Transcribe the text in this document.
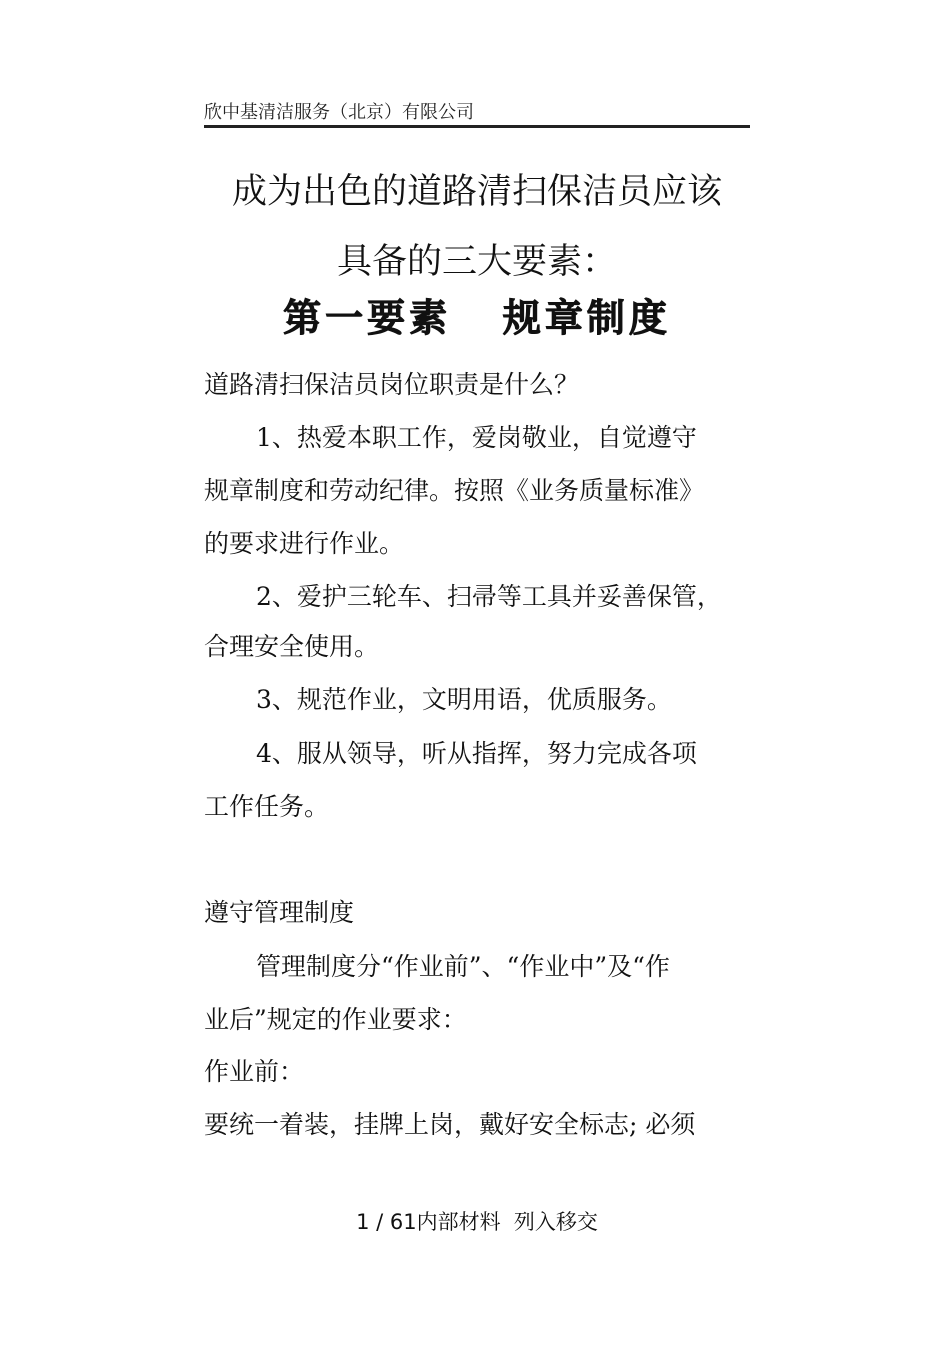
欣中基清洁服务（北京）有限公司
成为出色的道路清扫保洁员应该
具备的三大要素：
第一要素   规章制度
道路清扫保洁员岗位职责是什么？
1、热爱本职工作，爱岗敬业，自觉遵守
规章制度和劳动纪律。按照《业务质量标准》
的要求进行作业。
2、爱护三轮车、扫帚等工具并妥善保管，
合理安全使用。
3、规范作业，文明用语，优质服务。
4、服从领导，听从指挥，努力完成各项
工作任务。
遵守管理制度
管理制度分“作业前”、“作业中”及“作
业后”规定的作业要求：
作业前：
要统一着装，挂牌上岗，戴好安全标志; 必须
1 / 61内部材料  列入移交
